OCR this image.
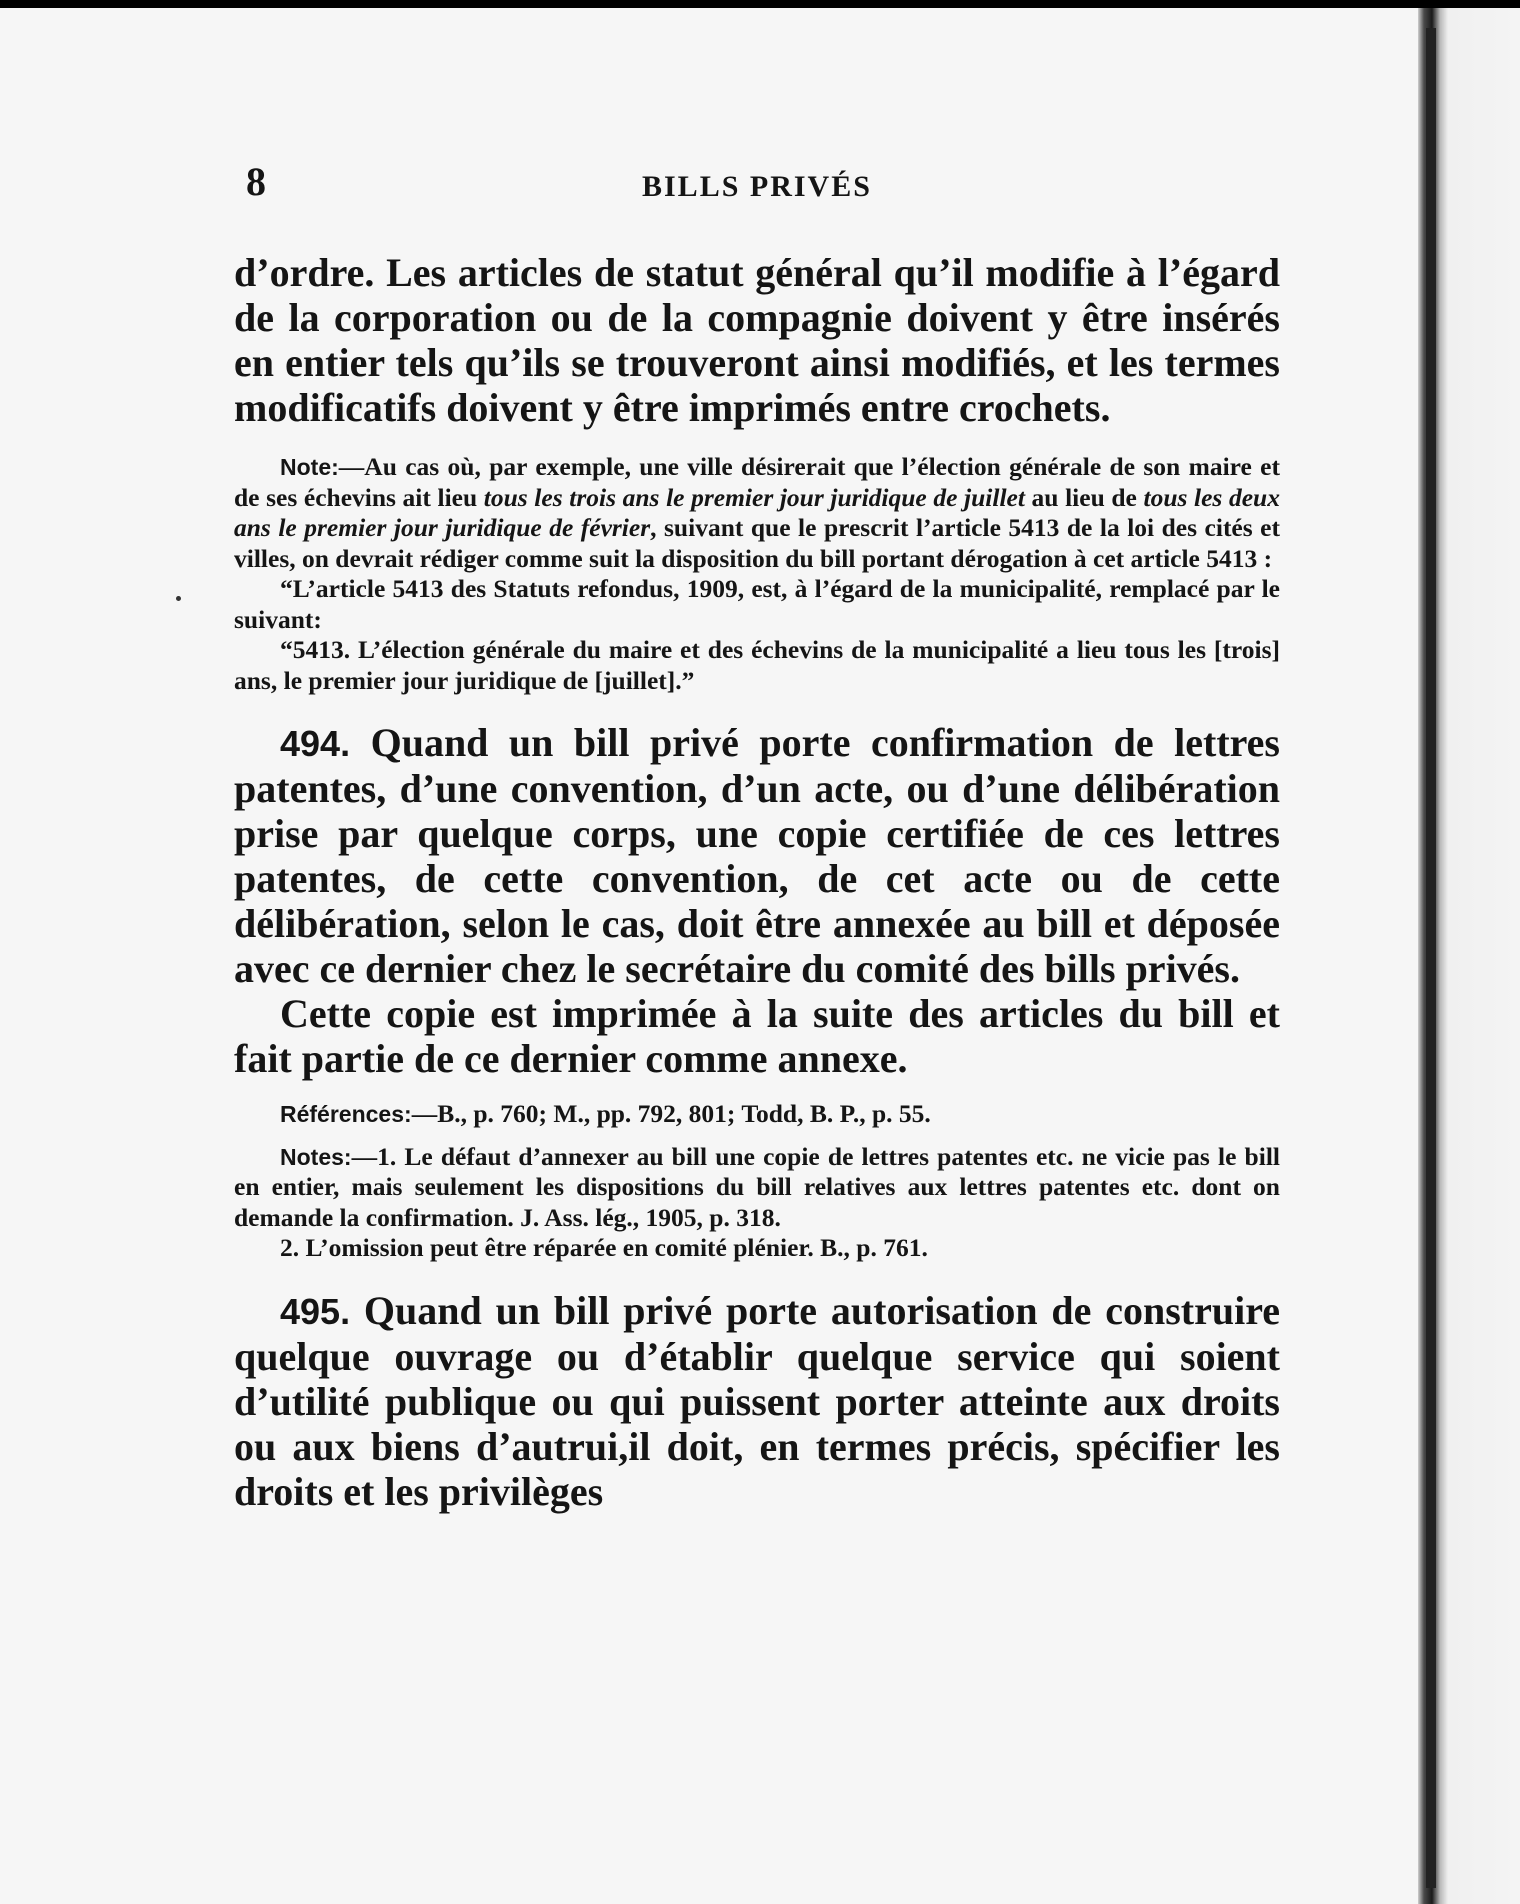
8	BILLS PRIVÉS

d’ordre. Les articles de statut général qu’il modifie à l’égard de la corporation ou de la compagnie doivent y être insérés en entier tels qu’ils se trouveront ainsi modifiés, et les termes modificatifs doivent y être imprimés entre crochets.

Note:—Au cas où, par exemple, une ville désirerait que l’élection générale de son maire et de ses échevins ait lieu tous les trois ans le premier jour juridique de juillet au lieu de tous les deux ans le premier jour juridique de février, suivant que le prescrit l’article 5413 de la loi des cités et villes, on devrait rédiger comme suit la disposition du bill portant dérogation à cet article 5413 :

“L’article 5413 des Statuts refondus, 1909, est, à l’égard de la municipalité, remplacé par le suivant:

“5413. L’élection générale du maire et des échevins de la municipalité a lieu tous les [trois] ans, le premier jour juridique de [juillet].”

494. Quand un bill privé porte confirmation de lettres patentes, d’une convention, d’un acte, ou d’une délibération prise par quelque corps, une copie certifiée de ces lettres patentes, de cette convention, de cet acte ou de cette délibération, selon le cas, doit être annexée au bill et déposée avec ce dernier chez le secrétaire du comité des bills privés.

Cette copie est imprimée à la suite des articles du bill et fait partie de ce dernier comme annexe.

Références:—B., p. 760; M., pp. 792, 801; Todd, B. P., p. 55.

Notes:—1. Le défaut d’annexer au bill une copie de lettres patentes etc. ne vicie pas le bill en entier, mais seulement les dispositions du bill relatives aux lettres patentes etc. dont on demande la confirmation. J. Ass. lég., 1905, p. 318.

2. L’omission peut être réparée en comité plénier. B., p. 761.

495. Quand un bill privé porte autorisation de construire quelque ouvrage ou d’établir quelque service qui soient d’utilité publique ou qui puissent porter atteinte aux droits ou aux biens d’autrui,il doit, en termes précis, spécifier les droits et les privilèges
